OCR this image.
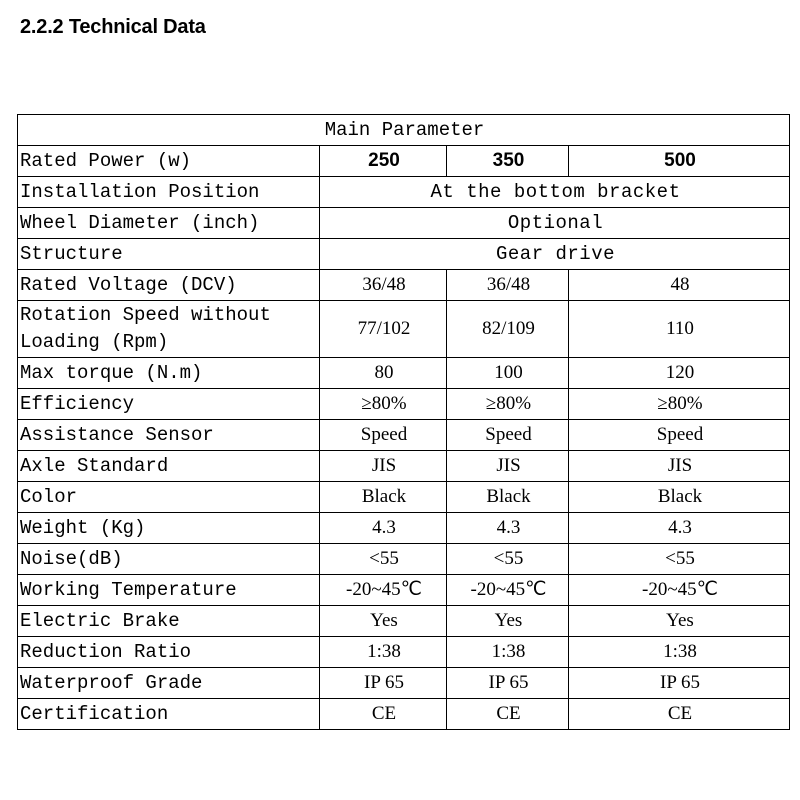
2.2.2 Technical Data
Main Parameter			
Rated Power (w)	250	350	500
Installation Position	At the bottom bracket		
Wheel Diameter (inch)	Optional		
Structure	Gear drive		
Rated Voltage (DCV)	36/48	36/48	48
Rotation Speed without Loading (Rpm)	77/102	82/109	110
Max torque (N.m)	80	100	120
Efficiency	≥80%	≥80%	≥80%
Assistance Sensor	Speed	Speed	Speed
Axle Standard	JIS	JIS	JIS
Color	Black	Black	Black
Weight (Kg)	4.3	4.3	4.3
Noise(dB)	<55	<55	<55
Working Temperature	-20~45℃	-20~45℃	-20~45℃
Electric Brake	Yes	Yes	Yes
Reduction Ratio	1:38	1:38	1:38
Waterproof Grade	IP 65	IP 65	IP 65
Certification	CE	CE	CE
